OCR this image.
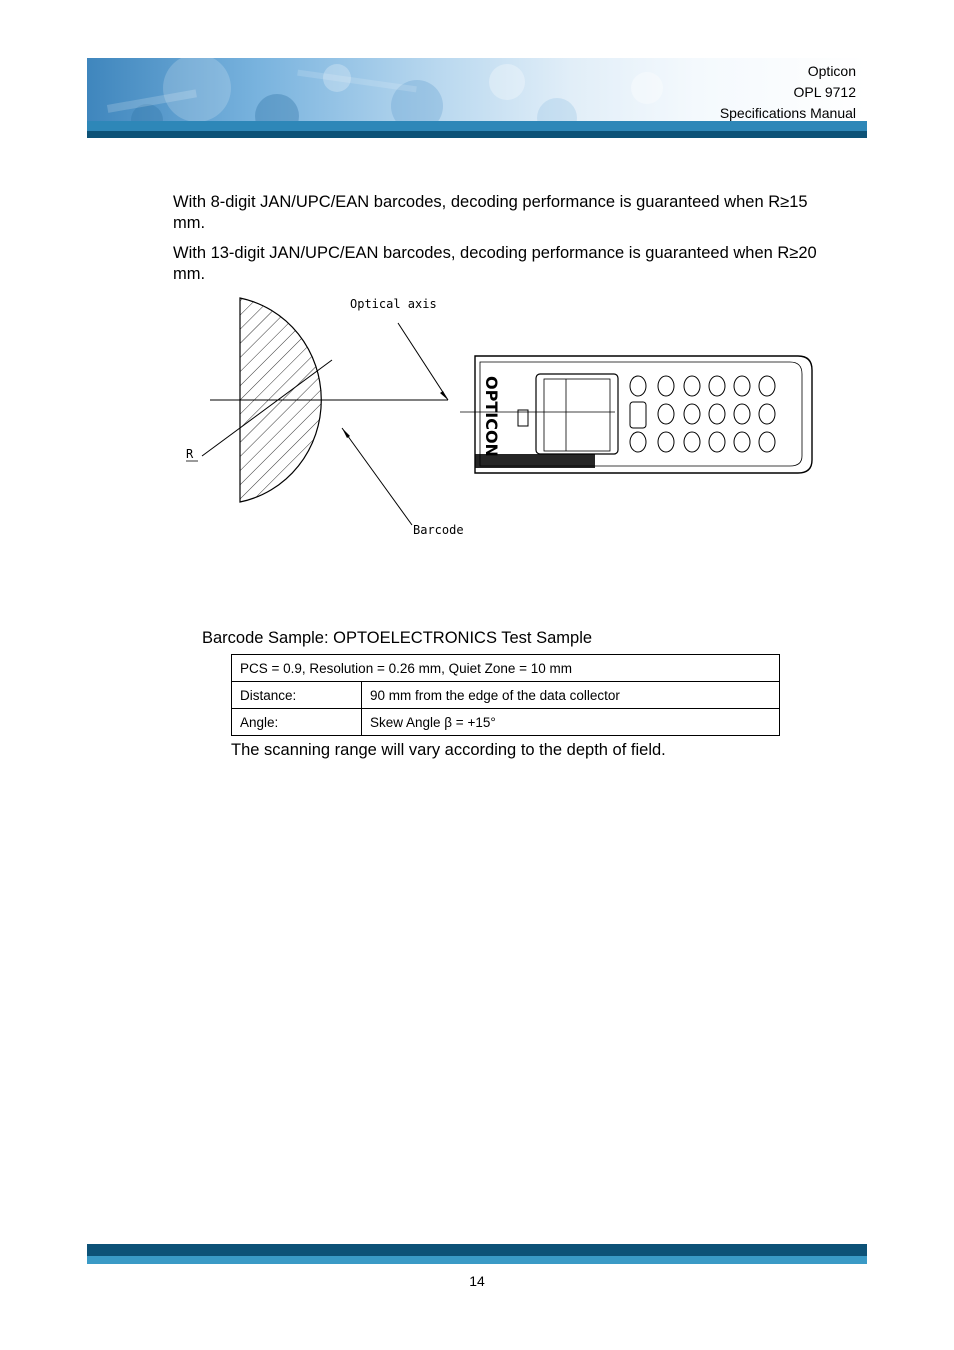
Opticon
OPL 9712
Specifications Manual
With 8-digit JAN/UPC/EAN barcodes, decoding performance is guaranteed when R≥15 mm.
With 13-digit JAN/UPC/EAN barcodes, decoding performance is guaranteed when R≥20 mm.
R
Optical axis
Barcode
OPTICON
Barcode Sample: OPTOELECTRONICS Test Sample
PCS = 0.9, Resolution = 0.26 mm, Quiet Zone = 10 mm	
Distance:	90 mm from the edge of the data collector
Angle:	Skew Angle β = +15°
The scanning range will vary according to the depth of field.
14
